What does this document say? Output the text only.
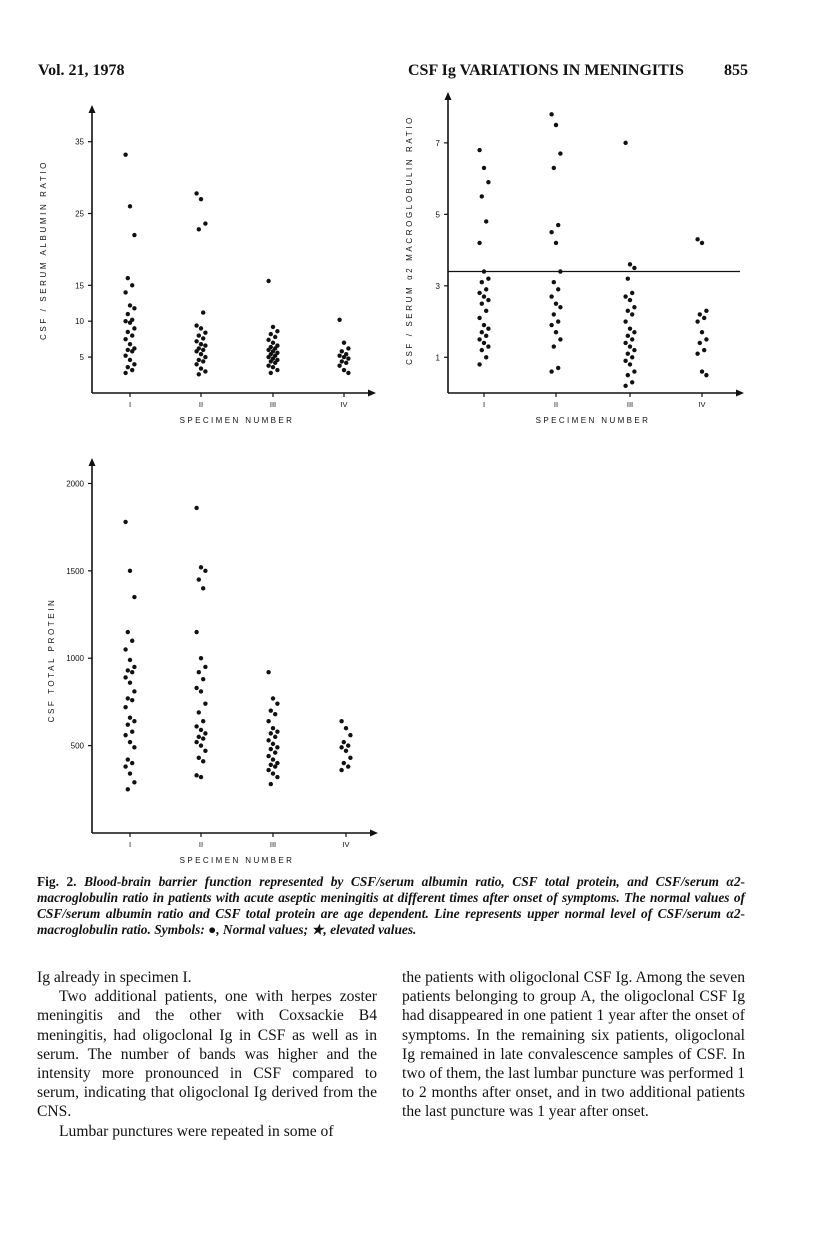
Vol. 21, 1978	CSF Ig VARIATIONS IN MENINGITIS	855
5
10
15
25
35
I	II	III	IV
SPECIMEN NUMBER
CSF / SERUM ALBUMIN RATIO
1
3
5
7
I	II	III	IV
SPECIMEN NUMBER
CSF / SERUM α2 MACROGLOBULIN RATIO
500
1000
1500
2000
I	II	III	IV
SPECIMEN NUMBER
CSF TOTAL PROTEIN
Fig. 2. Blood-brain barrier function represented by CSF/serum albumin ratio, CSF total protein, and CSF/serum α2-macroglobulin ratio in patients with acute aseptic meningitis at different times after onset of symptoms. The normal values of CSF/serum albumin ratio and CSF total protein are age dependent. Line represents upper normal level of CSF/serum α2-macroglobulin ratio. Symbols: ●, Normal values; ★, elevated values.

Ig already in specimen I.

Two additional patients, one with herpes zoster meningitis and the other with Coxsackie B4 meningitis, had oligoclonal Ig in CSF as well as in serum. The number of bands was higher and the intensity more pronounced in CSF compared to serum, indicating that oligoclonal Ig derived from the CNS.

Lumbar punctures were repeated in some of

the patients with oligoclonal CSF Ig. Among the seven patients belonging to group A, the oligoclonal CSF Ig had disappeared in one patient 1 year after the onset of symptoms. In the remaining six patients, oligoclonal Ig remained in late convalescence samples of CSF. In two of them, the last lumbar puncture was performed 1 to 2 months after onset, and in two additional patients the last puncture was 1 year after onset.
